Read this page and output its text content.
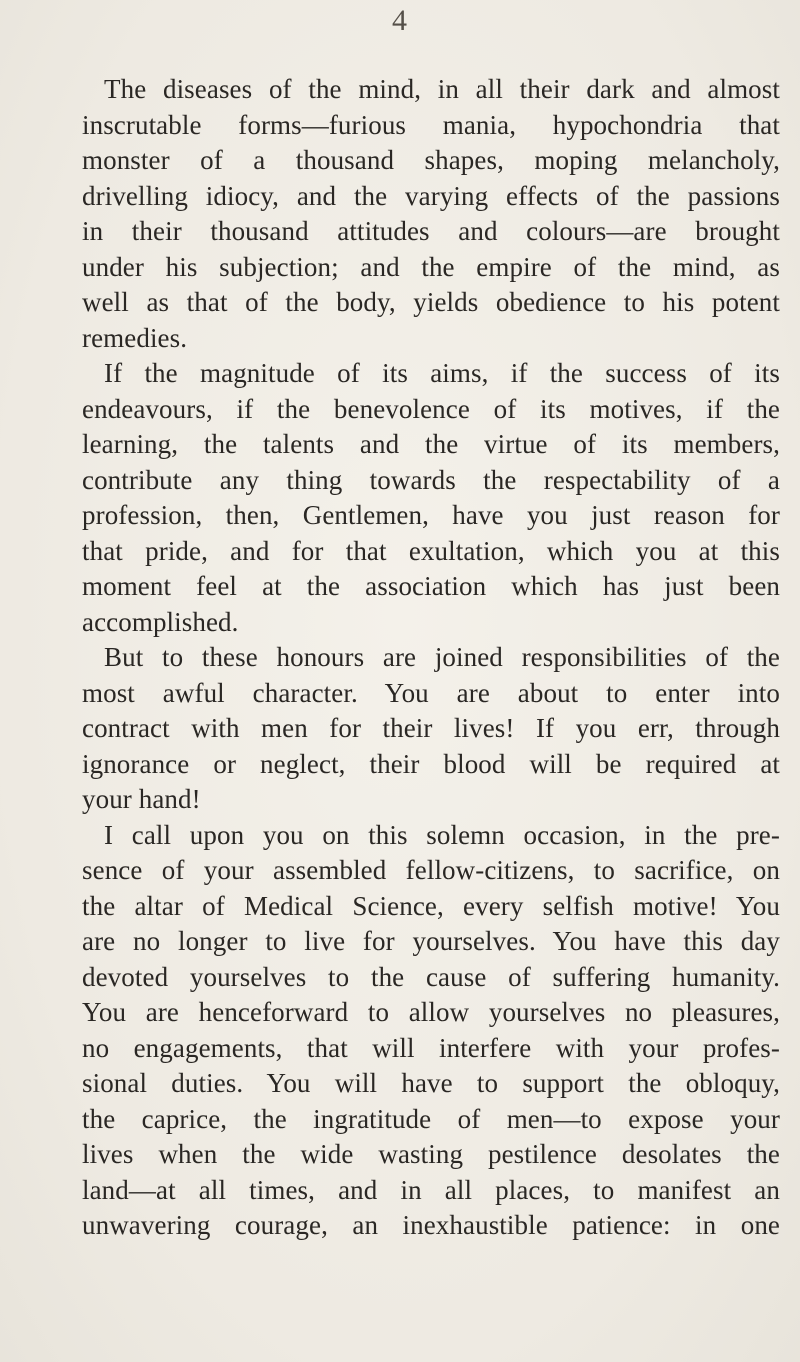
4
The diseases of the mind, in all their dark and almost
inscrutable forms—furious mania, hypochondria that
monster of a thousand shapes, moping melancholy,
drivelling idiocy, and the varying effects of the passions
in their thousand attitudes and colours—are brought
under his subjection; and the empire of the mind, as
well as that of the body, yields obedience to his potent
remedies.
If the magnitude of its aims, if the success of its
endeavours, if the benevolence of its motives, if the
learning, the talents and the virtue of its members,
contribute any thing towards the respectability of a
profession, then, Gentlemen, have you just reason for
that pride, and for that exultation, which you at this
moment feel at the association which has just been
accomplished.
But to these honours are joined responsibilities of the
most awful character. You are about to enter into
contract with men for their lives! If you err, through
ignorance or neglect, their blood will be required at
your hand!
I call upon you on this solemn occasion, in the pre-
sence of your assembled fellow-citizens, to sacrifice, on
the altar of Medical Science, every selfish motive! You
are no longer to live for yourselves. You have this day
devoted yourselves to the cause of suffering humanity.
You are henceforward to allow yourselves no pleasures,
no engagements, that will interfere with your profes-
sional duties. You will have to support the obloquy,
the caprice, the ingratitude of men—to expose your
lives when the wide wasting pestilence desolates the
land—at all times, and in all places, to manifest an
unwavering courage, an inexhaustible patience: in one
